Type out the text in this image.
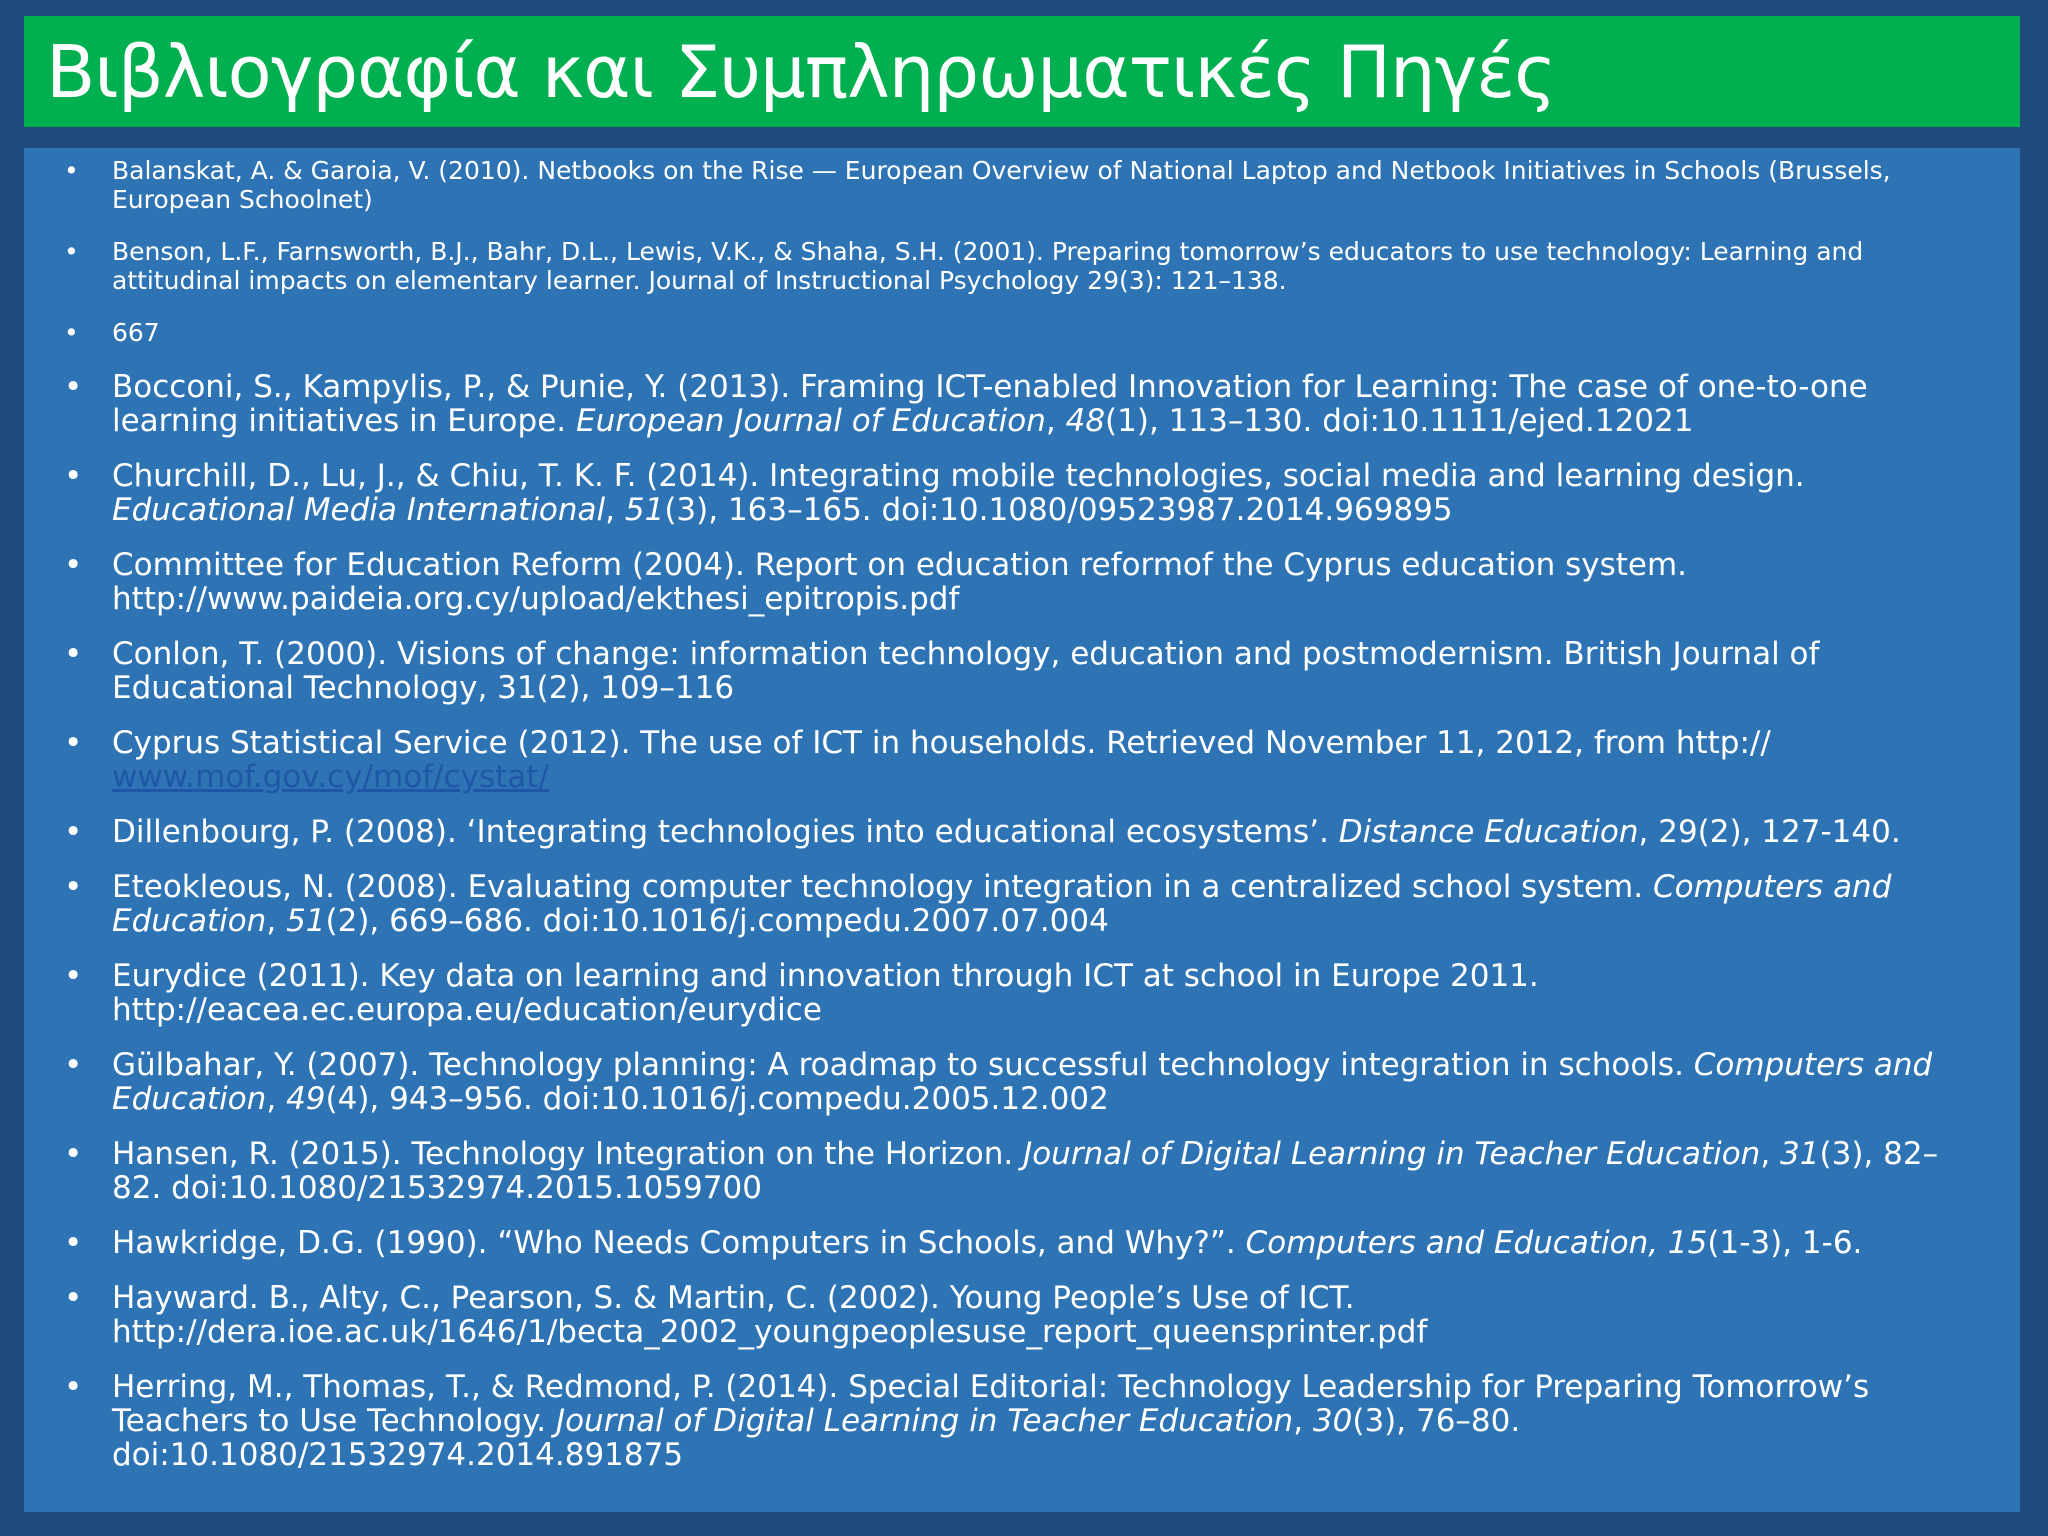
Βιβλιογραφία και Συμπληρωματικές Πηγές
• Balanskat, A. & Garoia, V. (2010). Netbooks on the Rise — European Overview of National Laptop and Netbook Initiatives in Schools (Brussels, European Schoolnet)
• Benson, L.F., Farnsworth, B.J., Bahr, D.L., Lewis, V.K., & Shaha, S.H. (2001). Preparing tomorrow’s educators to use technology: Learning and attitudinal impacts on elementary learner. Journal of Instructional Psychology 29(3): 121–138.
• 667
• Bocconi, S., Kampylis, P., & Punie, Y. (2013). Framing ICT-enabled Innovation for Learning: The case of one-to-one learning initiatives in Europe. European Journal of Education, 48(1), 113–130. doi:10.1111/ejed.12021
• Churchill, D., Lu, J., & Chiu, T. K. F. (2014). Integrating mobile technologies, social media and learning design. Educational Media International, 51(3), 163–165. doi:10.1080/09523987.2014.969895
• Committee for Education Reform (2004). Report on education reformof the Cyprus education system. http://www.paideia.org.cy/upload/ekthesi_epitropis.pdf
• Conlon, T. (2000). Visions of change: information technology, education and postmodernism. British Journal of Educational Technology, 31(2), 109–116
• Cyprus Statistical Service (2012). The use of ICT in households. Retrieved November 11, 2012, from http:// www.mof.gov.cy/mof/cystat/
• Dillenbourg, P. (2008). ‘Integrating technologies into educational ecosystems’. Distance Education, 29(2), 127-140.
• Eteokleous, N. (2008). Evaluating computer technology integration in a centralized school system. Computers and Education, 51(2), 669–686. doi:10.1016/j.compedu.2007.07.004
• Eurydice (2011). Key data on learning and innovation through ICT at school in Europe 2011. http://eacea.ec.europa.eu/education/eurydice
• Gülbahar, Y. (2007). Technology planning: A roadmap to successful technology integration in schools. Computers and Education, 49(4), 943–956. doi:10.1016/j.compedu.2005.12.002
• Hansen, R. (2015). Technology Integration on the Horizon. Journal of Digital Learning in Teacher Education, 31(3), 82–82. doi:10.1080/21532974.2015.1059700
• Hawkridge, D.G. (1990). “Who Needs Computers in Schools, and Why?”. Computers and Education, 15(1-3), 1-6.
• Hayward. B., Alty, C., Pearson, S. & Martin, C. (2002). Young People’s Use of ICT. http://dera.ioe.ac.uk/1646/1/becta_2002_youngpeoplesuse_report_queensprinter.pdf
• Herring, M., Thomas, T., & Redmond, P. (2014). Special Editorial: Technology Leadership for Preparing Tomorrow’s Teachers to Use Technology. Journal of Digital Learning in Teacher Education, 30(3), 76–80. doi:10.1080/21532974.2014.891875
